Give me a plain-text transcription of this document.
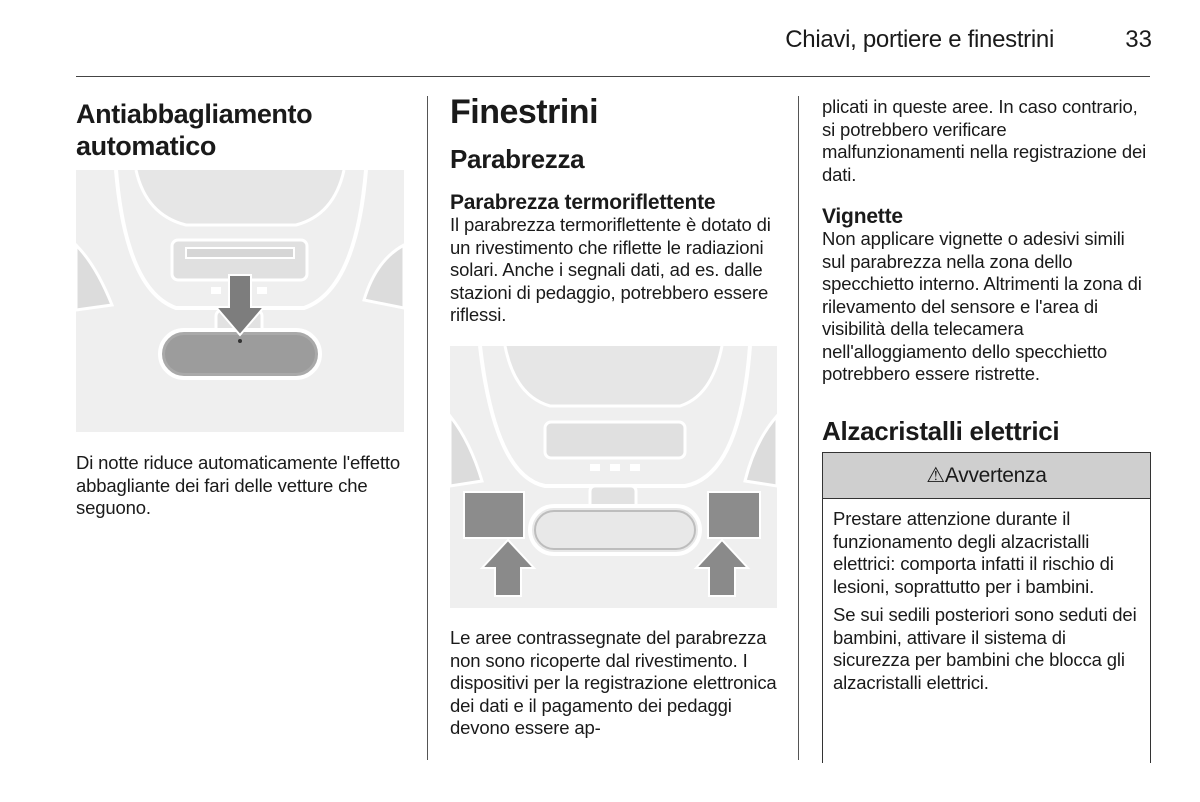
Chiavi, portiere e finestrini	33
Antiabbagliamento automatico

Di notte riduce automaticamente l'effetto abbagliante dei fari delle vetture che seguono.

Finestrini
Parabrezza
Parabrezza termoriflettente

Il parabrezza termoriflettente è dotato di un rivestimento che riflette le radiazioni solari. Anche i segnali dati, ad es. dalle stazioni di pedaggio, potrebbero essere riflessi.

Le aree contrassegnate del parabrezza non sono ricoperte dal rivestimento. I dispositivi per la registrazione elettronica dei dati e il pagamento dei pedaggi devono essere ap-

plicati in queste aree. In caso contrario, si potrebbero verificare malfunzionamenti nella registrazione dei dati.

Vignette

Non applicare vignette o adesivi simili sul parabrezza nella zona dello specchietto interno. Altrimenti la zona di rilevamento del sensore e l'area di visibilità della telecamera nell'alloggiamento dello specchietto potrebbero essere ristrette.

Alzacristalli elettrici
⚠Avvertenza

Prestare attenzione durante il funzionamento degli alzacristalli elettrici: comporta infatti il rischio di lesioni, soprattutto per i bambini.

Se sui sedili posteriori sono seduti dei bambini, attivare il sistema di sicurezza per bambini che blocca gli alzacristalli elettrici.
